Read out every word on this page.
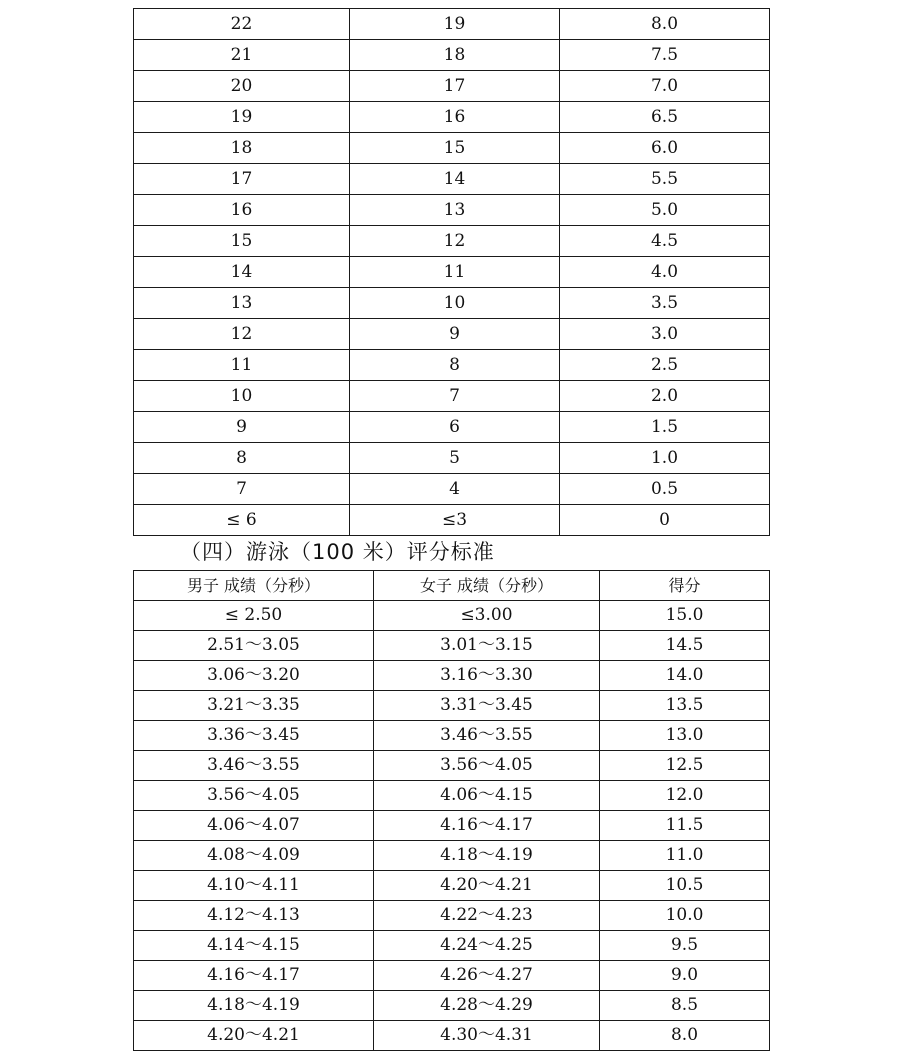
22	19	8.0
21	18	7.5
20	17	7.0
19	16	6.5
18	15	6.0
17	14	5.5
16	13	5.0
15	12	4.5
14	11	4.0
13	10	3.5
12	9	3.0
11	8	2.5
10	7	2.0
9	6	1.5
8	5	1.0
7	4	0.5
≤ 6	≤3	0
（四）游泳（100 米）评分标准
男子 成绩（分秒）	女子 成绩（分秒）	得分
≤ 2.50	≤3.00	15.0
2.51～3.05	3.01～3.15	14.5
3.06～3.20	3.16～3.30	14.0
3.21～3.35	3.31～3.45	13.5
3.36～3.45	3.46～3.55	13.0
3.46～3.55	3.56～4.05	12.5
3.56～4.05	4.06～4.15	12.0
4.06～4.07	4.16～4.17	11.5
4.08～4.09	4.18～4.19	11.0
4.10～4.11	4.20～4.21	10.5
4.12～4.13	4.22～4.23	10.0
4.14～4.15	4.24～4.25	9.5
4.16～4.17	4.26～4.27	9.0
4.18～4.19	4.28～4.29	8.5
4.20～4.21	4.30～4.31	8.0
